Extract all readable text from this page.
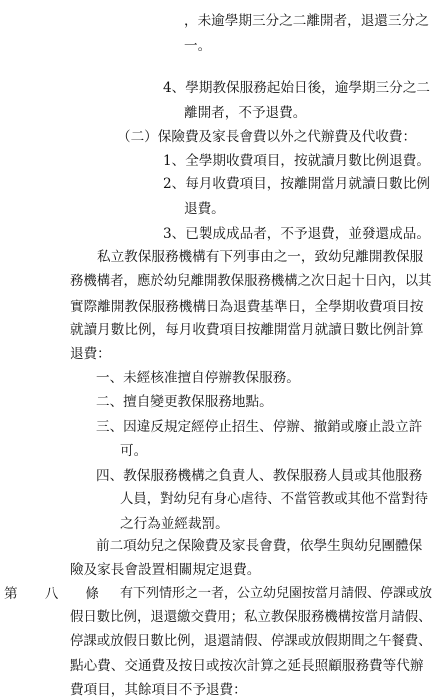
，未逾學期三分之二離開者，退還三分之

一。

4、學期教保服務起始日後，逾學期三分之二

離開者，不予退費。

（二）保險費及家長會費以外之代辦費及代收費：

1、全學期收費項目，按就讀月數比例退費。

2、每月收費項目，按離開當月就讀日數比例

退費。

3、已製成成品者，不予退費，並發還成品。

私立教保服務機構有下列事由之一，致幼兒離開教保服

務機構者，應於幼兒離開教保服務機構之次日起十日內，以其

實際離開教保服務機構日為退費基準日，全學期收費項目按

就讀月數比例，每月收費項目按離開當月就讀日數比例計算

退費：

一、未經核准擅自停辦教保服務。

二、擅自變更教保服務地點。

三、因違反規定經停止招生、停辦、撤銷或廢止設立許

可。

四、教保服務機構之負責人、教保服務人員或其他服務

人員，對幼兒有身心虐待、不當管教或其他不當對待

之行為並經裁罰。

前二項幼兒之保險費及家長會費，依學生與幼兒團體保

險及家長會設置相關規定退費。

第 八 條 有下列情形之一者，公立幼兒園按當月請假、停課或放

假日數比例，退還繳交費用；私立教保服務機構按當月請假、

停課或放假日數比例，退還請假、停課或放假期間之午餐費、

點心費、交通費及按日或按次計算之延長照顧服務費等代辦

費項目，其餘項目不予退費：
